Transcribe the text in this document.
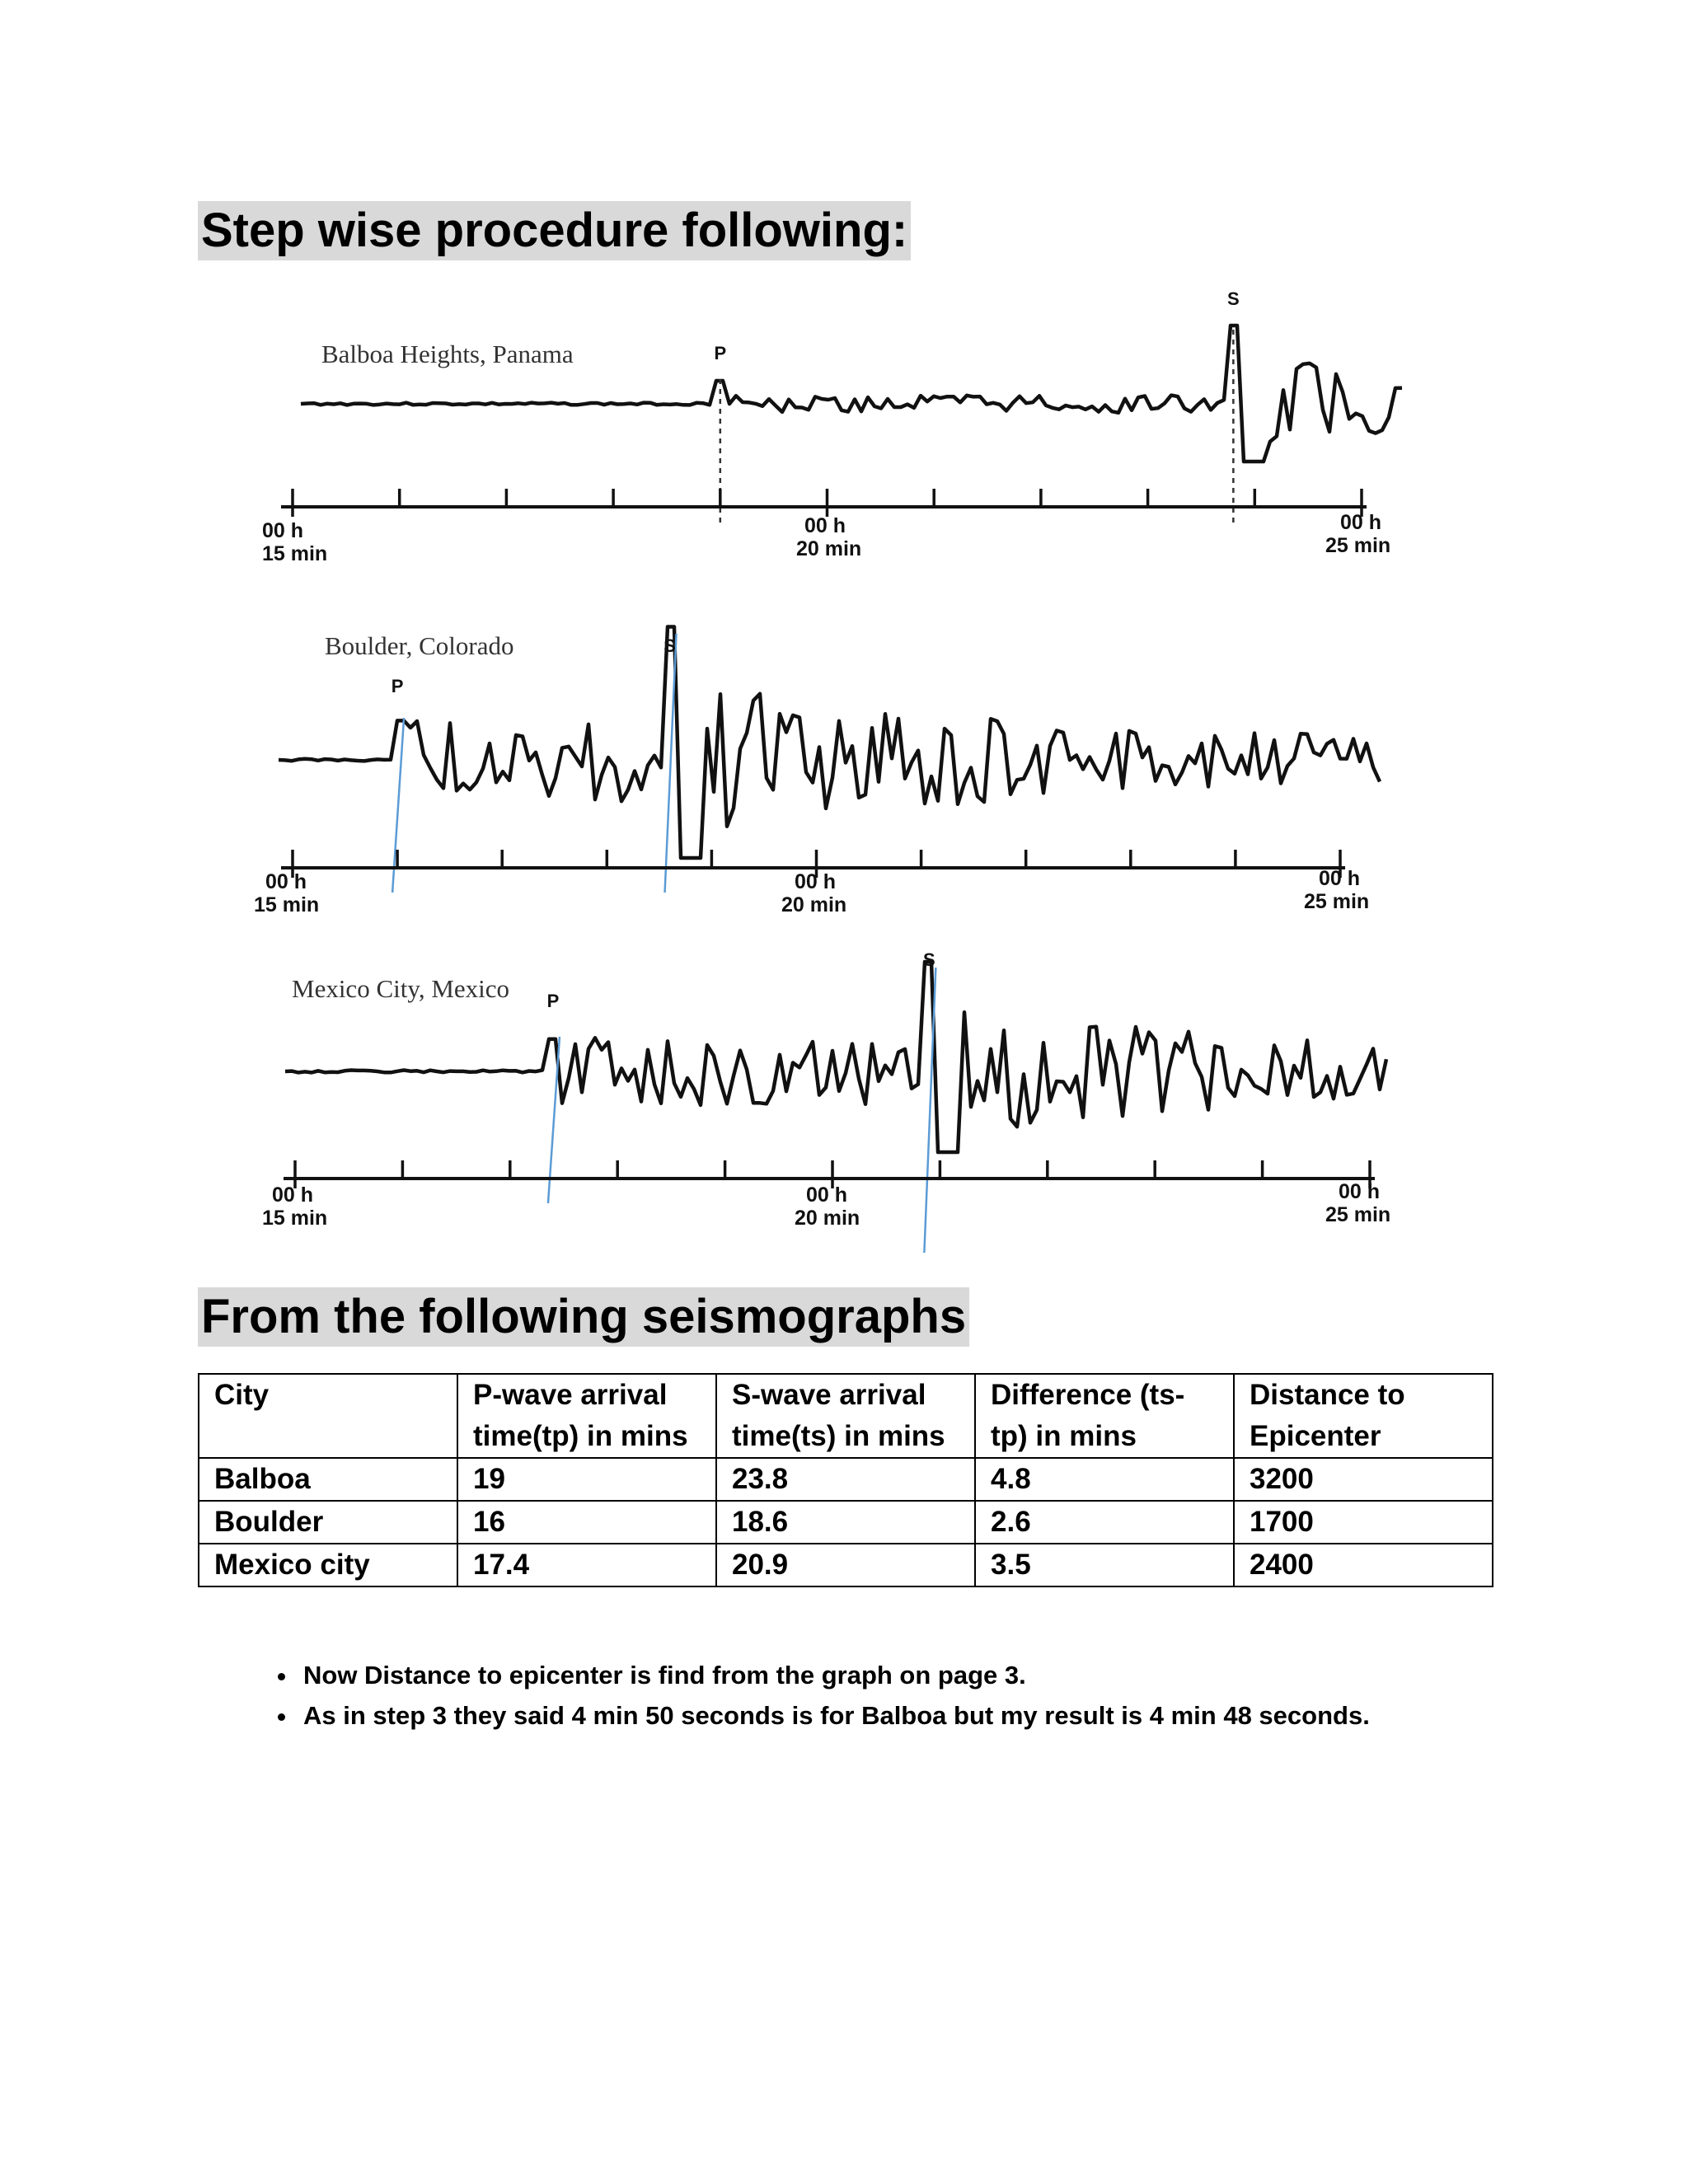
Step wise procedure following:
Balboa Heights, Panama	P
S
00 h
15 min
00 h
20 min
00 h
25 min
Boulder, Colorado
P
S
00 h
15 min
00 h
20 min
00 h
25 min
Mexico City, Mexico P
S
00 h
15 min
00 h
20 min
00 h
25 min
From the following seismographs
City	P-wave arrival time(tp) in mins	S-wave arrival time(ts) in mins	Difference (ts-tp) in mins	Distance to Epicenter
Balboa	19	23.8	4.8	3200
Boulder	16	18.6	2.6	1700
Mexico city	17.4	20.9	3.5	2400
• Now Distance to epicenter is find from the graph on page 3.
• As in step 3 they said 4 min 50 seconds is for Balboa but my result is 4 min 48 seconds.
